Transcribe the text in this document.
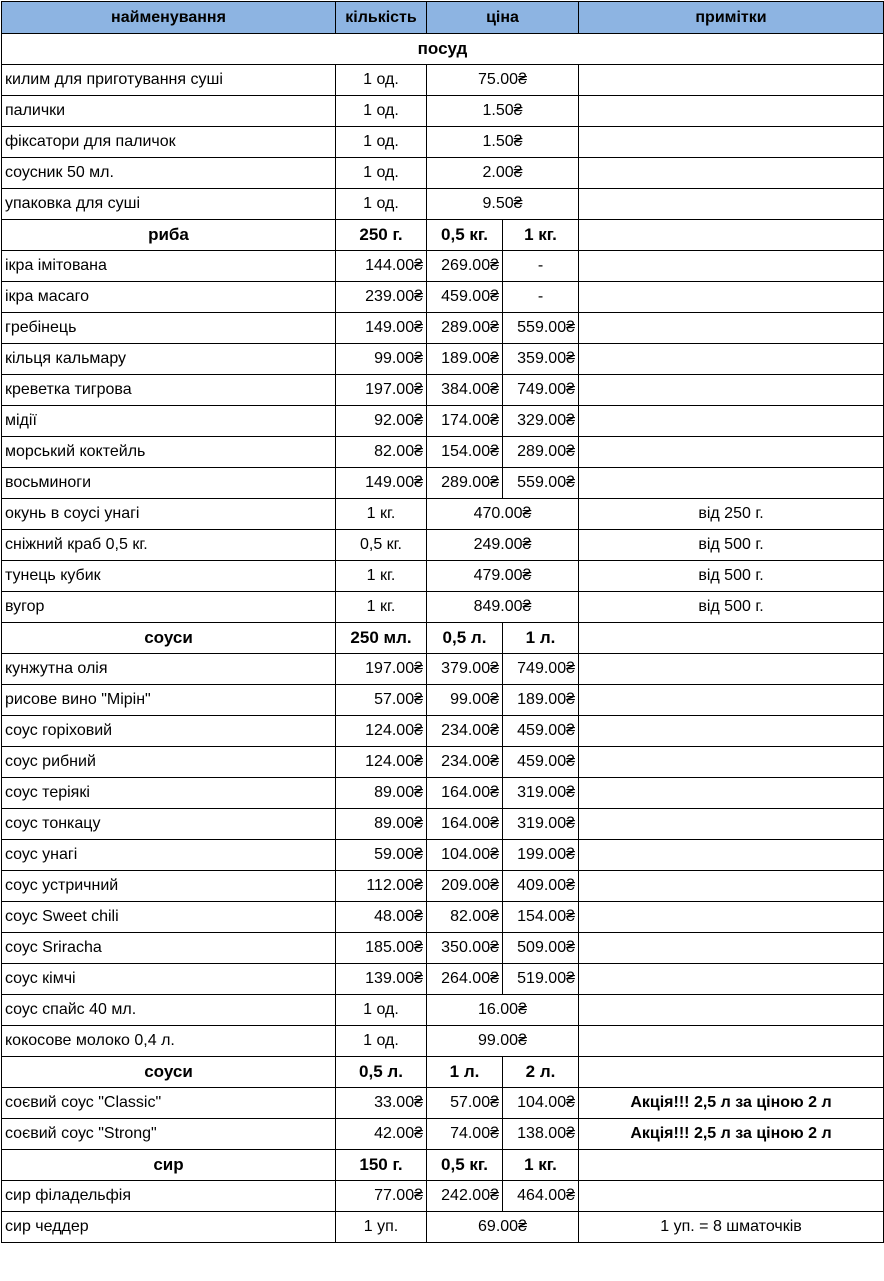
найменування	кількість	ціна		примітки
посуд				
килим для приготування суші	1 од.	75.00₴		
палички	1 од.	1.50₴		
фіксатори для паличок	1 од.	1.50₴		
соусник 50 мл.	1 од.	2.00₴		
упаковка для суші	1 од.	9.50₴		
риба	250 г.	0,5 кг.	1 кг.	
ікра імітована	144.00₴	269.00₴	-	
ікра масаго	239.00₴	459.00₴	-	
гребінець	149.00₴	289.00₴	559.00₴	
кільця кальмару	99.00₴	189.00₴	359.00₴	
креветка тигрова	197.00₴	384.00₴	749.00₴	
мідії	92.00₴	174.00₴	329.00₴	
морський коктейль	82.00₴	154.00₴	289.00₴	
восьминоги	149.00₴	289.00₴	559.00₴	
окунь в соусі унагі	1 кг.	470.00₴		від 250 г.
сніжний краб 0,5 кг.	0,5 кг.	249.00₴		від 500 г.
тунець кубик	1 кг.	479.00₴		від 500 г.
вугор	1 кг.	849.00₴		від 500 г.
соуси	250 мл.	0,5 л.	1 л.	
кунжутна олія	197.00₴	379.00₴	749.00₴	
рисове вино "Мірін"	57.00₴	99.00₴	189.00₴	
соус горіховий	124.00₴	234.00₴	459.00₴	
соус рибний	124.00₴	234.00₴	459.00₴	
соус теріякі	89.00₴	164.00₴	319.00₴	
соус тонкацу	89.00₴	164.00₴	319.00₴	
соус унагі	59.00₴	104.00₴	199.00₴	
соус устричний	112.00₴	209.00₴	409.00₴	
соус Sweet chili	48.00₴	82.00₴	154.00₴	
соус Sriracha	185.00₴	350.00₴	509.00₴	
соус кімчі	139.00₴	264.00₴	519.00₴	
соус спайс 40 мл.	1 од.	16.00₴		
кокосове молоко 0,4 л.	1 од.	99.00₴		
соуси	0,5 л.	1 л.	2 л.	
соєвий соус "Classic"	33.00₴	57.00₴	104.00₴	Акція!!! 2,5 л за ціною 2 л
соєвий соус "Strong"	42.00₴	74.00₴	138.00₴	Акція!!! 2,5 л за ціною 2 л
сир	150 г.	0,5 кг.	1 кг.	
сир філадельфія	77.00₴	242.00₴	464.00₴	
сир чеддер	1 уп.	69.00₴		1 уп. = 8 шматочків
